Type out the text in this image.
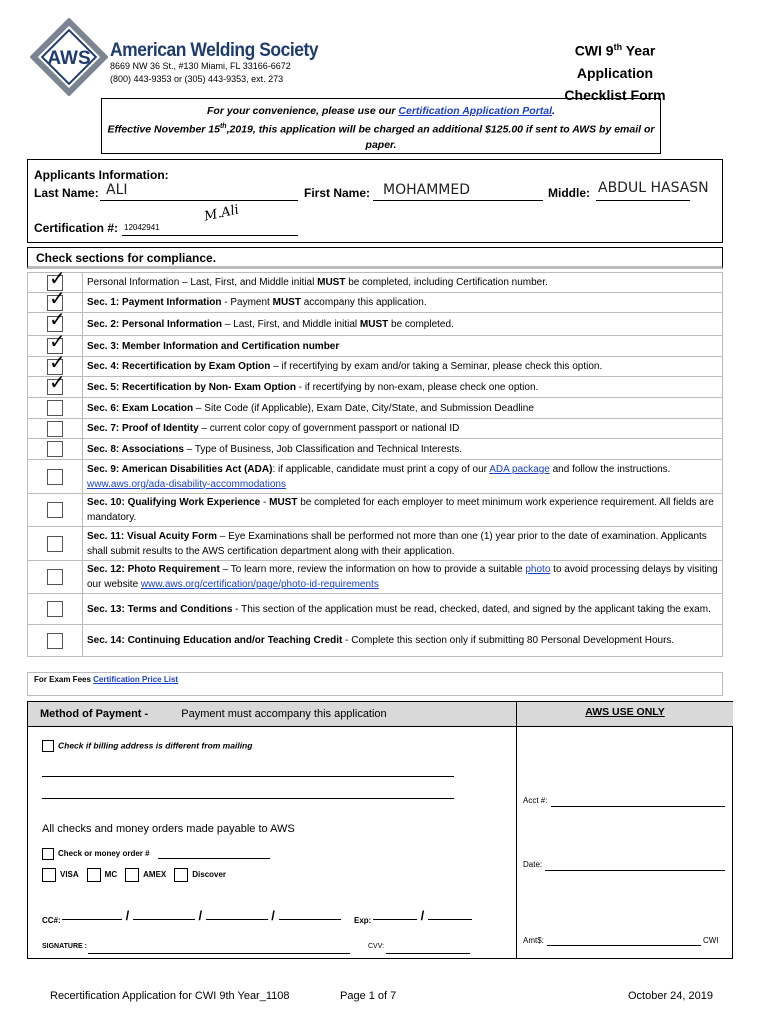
AWS American Welding Society
8669 NW 36 St., #130 Miami, FL 33166-6672
(800) 443-9353 or (305) 443-9353, ext. 273
CWI 9th Year
Application
Checklist Form
For your convenience, please use our Certification Application Portal.
Effective November 15th,2019, this application will be charged an additional $125.00 if sent to AWS by email or paper.
Applicants Information:
Last Name: ALI	First Name: MOHAMMED	Middle: ABDUL HASASN
Certification #: 12042941
M.Ali
Check sections for compliance.
✓	Personal Information – Last, First, and Middle initial MUST be completed, including Certification number.

✓	Sec. 1: Payment Information - Payment MUST accompany this application.

✓	Sec. 2: Personal Information – Last, First, and Middle initial MUST be completed.

✓	Sec. 3: Member Information and Certification number

✓	Sec. 4: Recertification by Exam Option – if recertifying by exam and/or taking a Seminar, please check this option.

✓	Sec. 5: Recertification by Non- Exam Option - if recertifying by non-exam, please check one option.
	Sec. 6: Exam Location – Site Code (if Applicable), Exam Date, City/State, and Submission Deadline
	Sec. 7: Proof of Identity – current color copy of government passport or national ID
	Sec. 8: Associations – Type of Business, Job Classification and Technical Interests.
	Sec. 9: American Disabilities Act (ADA): if applicable, candidate must print a copy of our ADA package and follow the instructions. www.aws.org/ada-disability-accommodations
	Sec. 10: Qualifying Work Experience - MUST be completed for each employer to meet minimum work experience requirement. All fields are mandatory.
	Sec. 11: Visual Acuity Form – Eye Examinations shall be performed not more than one (1) year prior to the date of examination. Applicants shall submit results to the AWS certification department along with their application.
	Sec. 12: Photo Requirement – To learn more, review the information on how to provide a suitable photo to avoid processing delays by visiting our website www.aws.org/certification/page/photo-id-requirements
	Sec. 13: Terms and Conditions - This section of the application must be read, checked, dated, and signed by the applicant taking the exam.
	Sec. 14: Continuing Education and/or Teaching Credit - Complete this section only if submitting 80 Personal Development Hours.
For Exam Fees Certification Price List
Method of Payment -	Payment must accompany this application	AWS USE ONLY
Check if billing address is different from mailing
All checks and money orders made payable to AWS
Check or money order #
VISA	MC	AMEX	Discover
CC#:	/	/	/	Exp:	/
SIGNATURE :	CVV:
Acct #:
Date:
Amt$:	CWI
Recertification Application for CWI 9th Year_1108	Page 1 of 7	October 24, 2019
